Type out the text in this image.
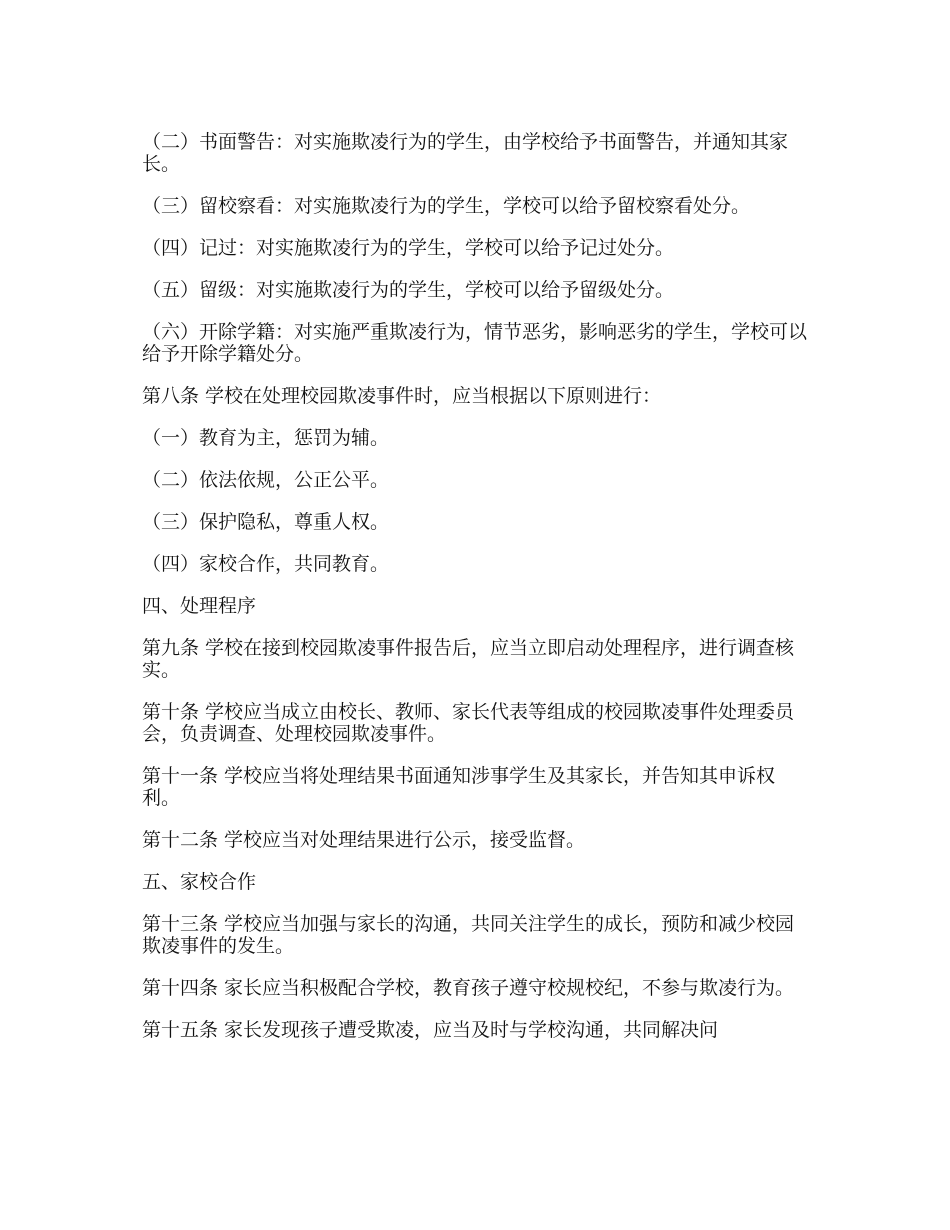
（二）书面警告：对实施欺凌行为的学生，由学校给予书面警告，并通知其家长。

（三）留校察看：对实施欺凌行为的学生，学校可以给予留校察看处分。

（四）记过：对实施欺凌行为的学生，学校可以给予记过处分。

（五）留级：对实施欺凌行为的学生，学校可以给予留级处分。

（六）开除学籍：对实施严重欺凌行为，情节恶劣，影响恶劣的学生，学校可以给予开除学籍处分。

第八条 学校在处理校园欺凌事件时，应当根据以下原则进行：

（一）教育为主，惩罚为辅。

（二）依法依规，公正公平。

（三）保护隐私，尊重人权。

（四）家校合作，共同教育。

四、处理程序

第九条 学校在接到校园欺凌事件报告后，应当立即启动处理程序，进行调查核实。

第十条 学校应当成立由校长、教师、家长代表等组成的校园欺凌事件处理委员会，负责调查、处理校园欺凌事件。

第十一条 学校应当将处理结果书面通知涉事学生及其家长，并告知其申诉权利。

第十二条 学校应当对处理结果进行公示，接受监督。

五、家校合作

第十三条 学校应当加强与家长的沟通，共同关注学生的成长，预防和减少校园欺凌事件的发生。

第十四条 家长应当积极配合学校，教育孩子遵守校规校纪，不参与欺凌行为。

第十五条 家长发现孩子遭受欺凌，应当及时与学校沟通，共同解决问
